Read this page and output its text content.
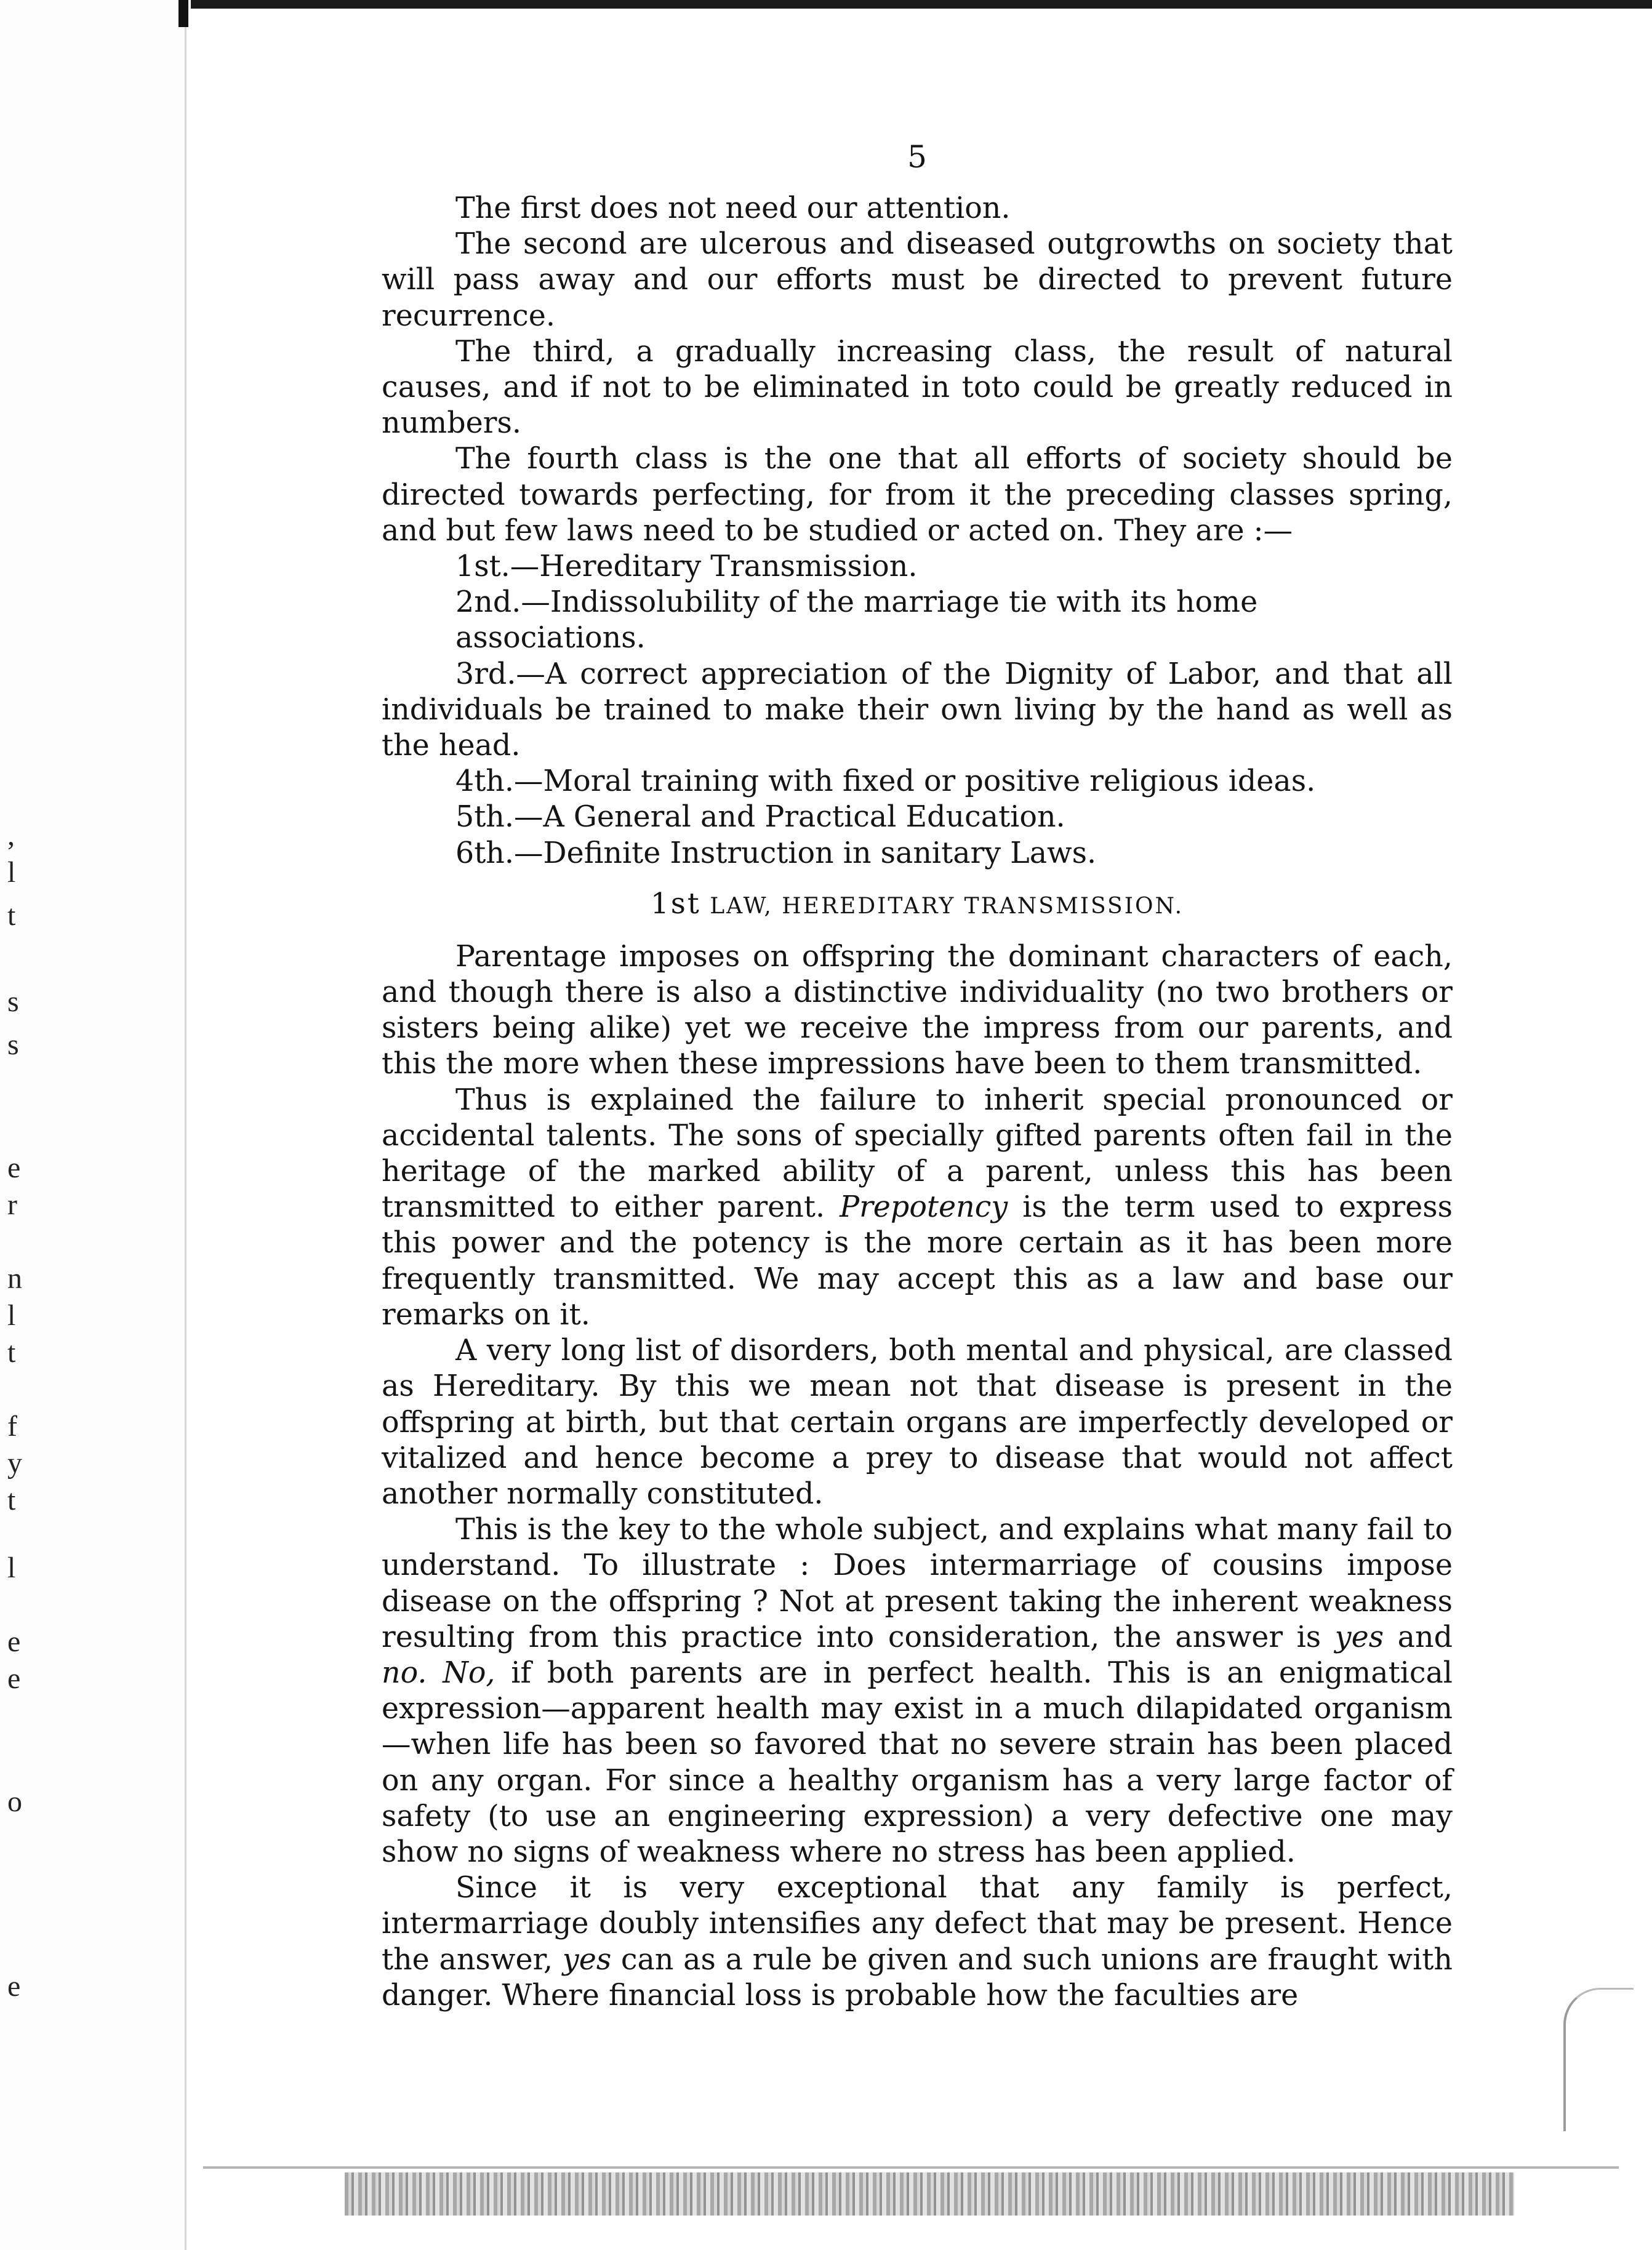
,
l
t
s
s
e
r
n
l
t
f
y
t
l
e
e
o
e
5

The first does not need our attention.

The second are ulcerous and diseased outgrowths on society that will pass away and our efforts must be directed to prevent future recurrence.

The third, a gradually increasing class, the result of natural causes, and if not to be eliminated in toto could be greatly reduced in numbers.

The fourth class is the one that all efforts of society should be directed towards perfecting, for from it the preceding classes spring, and but few laws need to be studied or acted on. They are :—

1st.—Hereditary Transmission.

2nd.—Indissolubility of the marriage tie with its home associations.

3rd.—A correct appreciation of the Dignity of Labor, and that all individuals be trained to make their own living by the hand as well as the head.

4th.—Moral training with fixed or positive religious ideas.

5th.—A General and Practical Education.

6th.—Definite Instruction in sanitary Laws.

1st LAW, HEREDITARY TRANSMISSION.

Parentage imposes on offspring the dominant characters of each, and though there is also a distinctive individuality (no two brothers or sisters being alike) yet we receive the impress from our parents, and this the more when these impressions have been to them transmitted.

Thus is explained the failure to inherit special pronounced or accidental talents. The sons of specially gifted parents often fail in the heritage of the marked ability of a parent, unless this has been transmitted to either parent. Prepotency is the term used to express this power and the potency is the more certain as it has been more frequently transmitted. We may accept this as a law and base our remarks on it.

A very long list of disorders, both mental and physical, are classed as Hereditary. By this we mean not that disease is present in the offspring at birth, but that certain organs are imperfectly developed or vitalized and hence become a prey to disease that would not affect another normally constituted.

This is the key to the whole subject, and explains what many fail to understand. To illustrate : Does intermarriage of cousins impose disease on the offspring ? Not at present taking the inherent weakness resulting from this practice into consideration, the answer is yes and no. No, if both parents are in perfect health. This is an enigmatical expression—apparent health may exist in a much dilapidated organism—when life has been so favored that no severe strain has been placed on any organ. For since a healthy organism has a very large factor of safety (to use an engineering expression) a very defective one may show no signs of weakness where no stress has been applied.

Since it is very exceptional that any family is perfect, intermarriage doubly intensifies any defect that may be present. Hence the answer, yes can as a rule be given and such unions are fraught with danger. Where financial loss is probable how the faculties are
